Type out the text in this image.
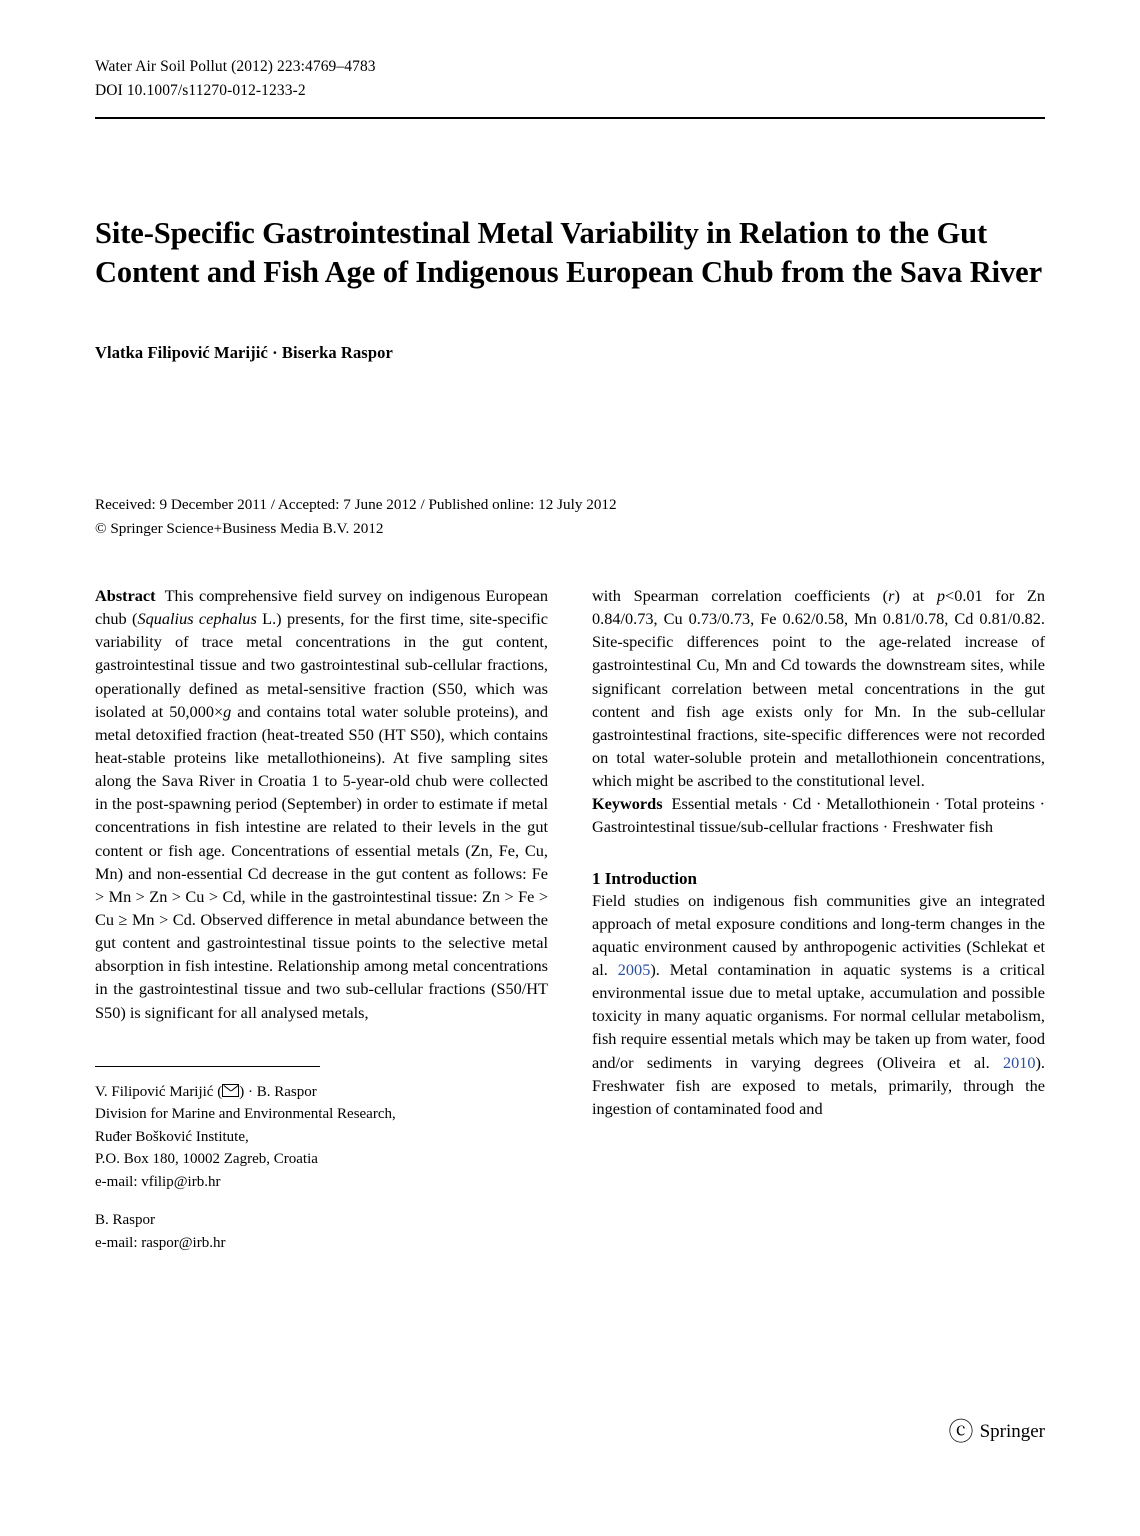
Water Air Soil Pollut (2012) 223:4769–4783
DOI 10.1007/s11270-012-1233-2
Site-Specific Gastrointestinal Metal Variability in Relation to the Gut Content and Fish Age of Indigenous European Chub from the Sava River
Vlatka Filipović Marijić · Biserka Raspor
Received: 9 December 2011 / Accepted: 7 June 2012 / Published online: 12 July 2012
© Springer Science+Business Media B.V. 2012

Abstract This comprehensive field survey on indigenous European chub (Squalius cephalus L.) presents, for the first time, site-specific variability of trace metal concentrations in the gut content, gastrointestinal tissue and two gastrointestinal sub-cellular fractions, operationally defined as metal-sensitive fraction (S50, which was isolated at 50,000×g and contains total water soluble proteins), and metal detoxified fraction (heat-treated S50 (HT S50), which contains heat-stable proteins like metallothioneins). At five sampling sites along the Sava River in Croatia 1 to 5-year-old chub were collected in the post-spawning period (September) in order to estimate if metal concentrations in fish intestine are related to their levels in the gut content or fish age. Concentrations of essential metals (Zn, Fe, Cu, Mn) and non-essential Cd decrease in the gut content as follows: Fe > Mn > Zn > Cu > Cd, while in the gastrointestinal tissue: Zn > Fe > Cu ≥ Mn > Cd. Observed difference in metal abundance between the gut content and gastrointestinal tissue points to the selective metal absorption in fish intestine. Relationship among metal concentrations in the gastrointestinal tissue and two sub-cellular fractions (S50/HT S50) is significant for all analysed metals,

V. Filipović Marijić ( ) · B. Raspor
Division for Marine and Environmental Research,
Ruđer Bošković Institute,
P.O. Box 180, 10002 Zagreb, Croatia
e-mail: vfilip@irb.hr
B. Raspor
e-mail: raspor@irb.hr

with Spearman correlation coefficients (r) at p<0.01 for Zn 0.84/0.73, Cu 0.73/0.73, Fe 0.62/0.58, Mn 0.81/0.78, Cd 0.81/0.82. Site-specific differences point to the age-related increase of gastrointestinal Cu, Mn and Cd towards the downstream sites, while significant correlation between metal concentrations in the gut content and fish age exists only for Mn. In the sub-cellular gastrointestinal fractions, site-specific differences were not recorded on total water-soluble protein and metallothionein concentrations, which might be ascribed to the constitutional level.

Keywords Essential metals · Cd · Metallothionein · Total proteins · Gastrointestinal tissue/sub-cellular fractions · Freshwater fish

1 Introduction

Field studies on indigenous fish communities give an integrated approach of metal exposure conditions and long-term changes in the aquatic environment caused by anthropogenic activities (Schlekat et al. 2005). Metal contamination in aquatic systems is a critical environmental issue due to metal uptake, accumulation and possible toxicity in many aquatic organisms. For normal cellular metabolism, fish require essential metals which may be taken up from water, food and/or sediments in varying degrees (Oliveira et al. 2010). Freshwater fish are exposed to metals, primarily, through the ingestion of contaminated food and

ⓒ Springer
